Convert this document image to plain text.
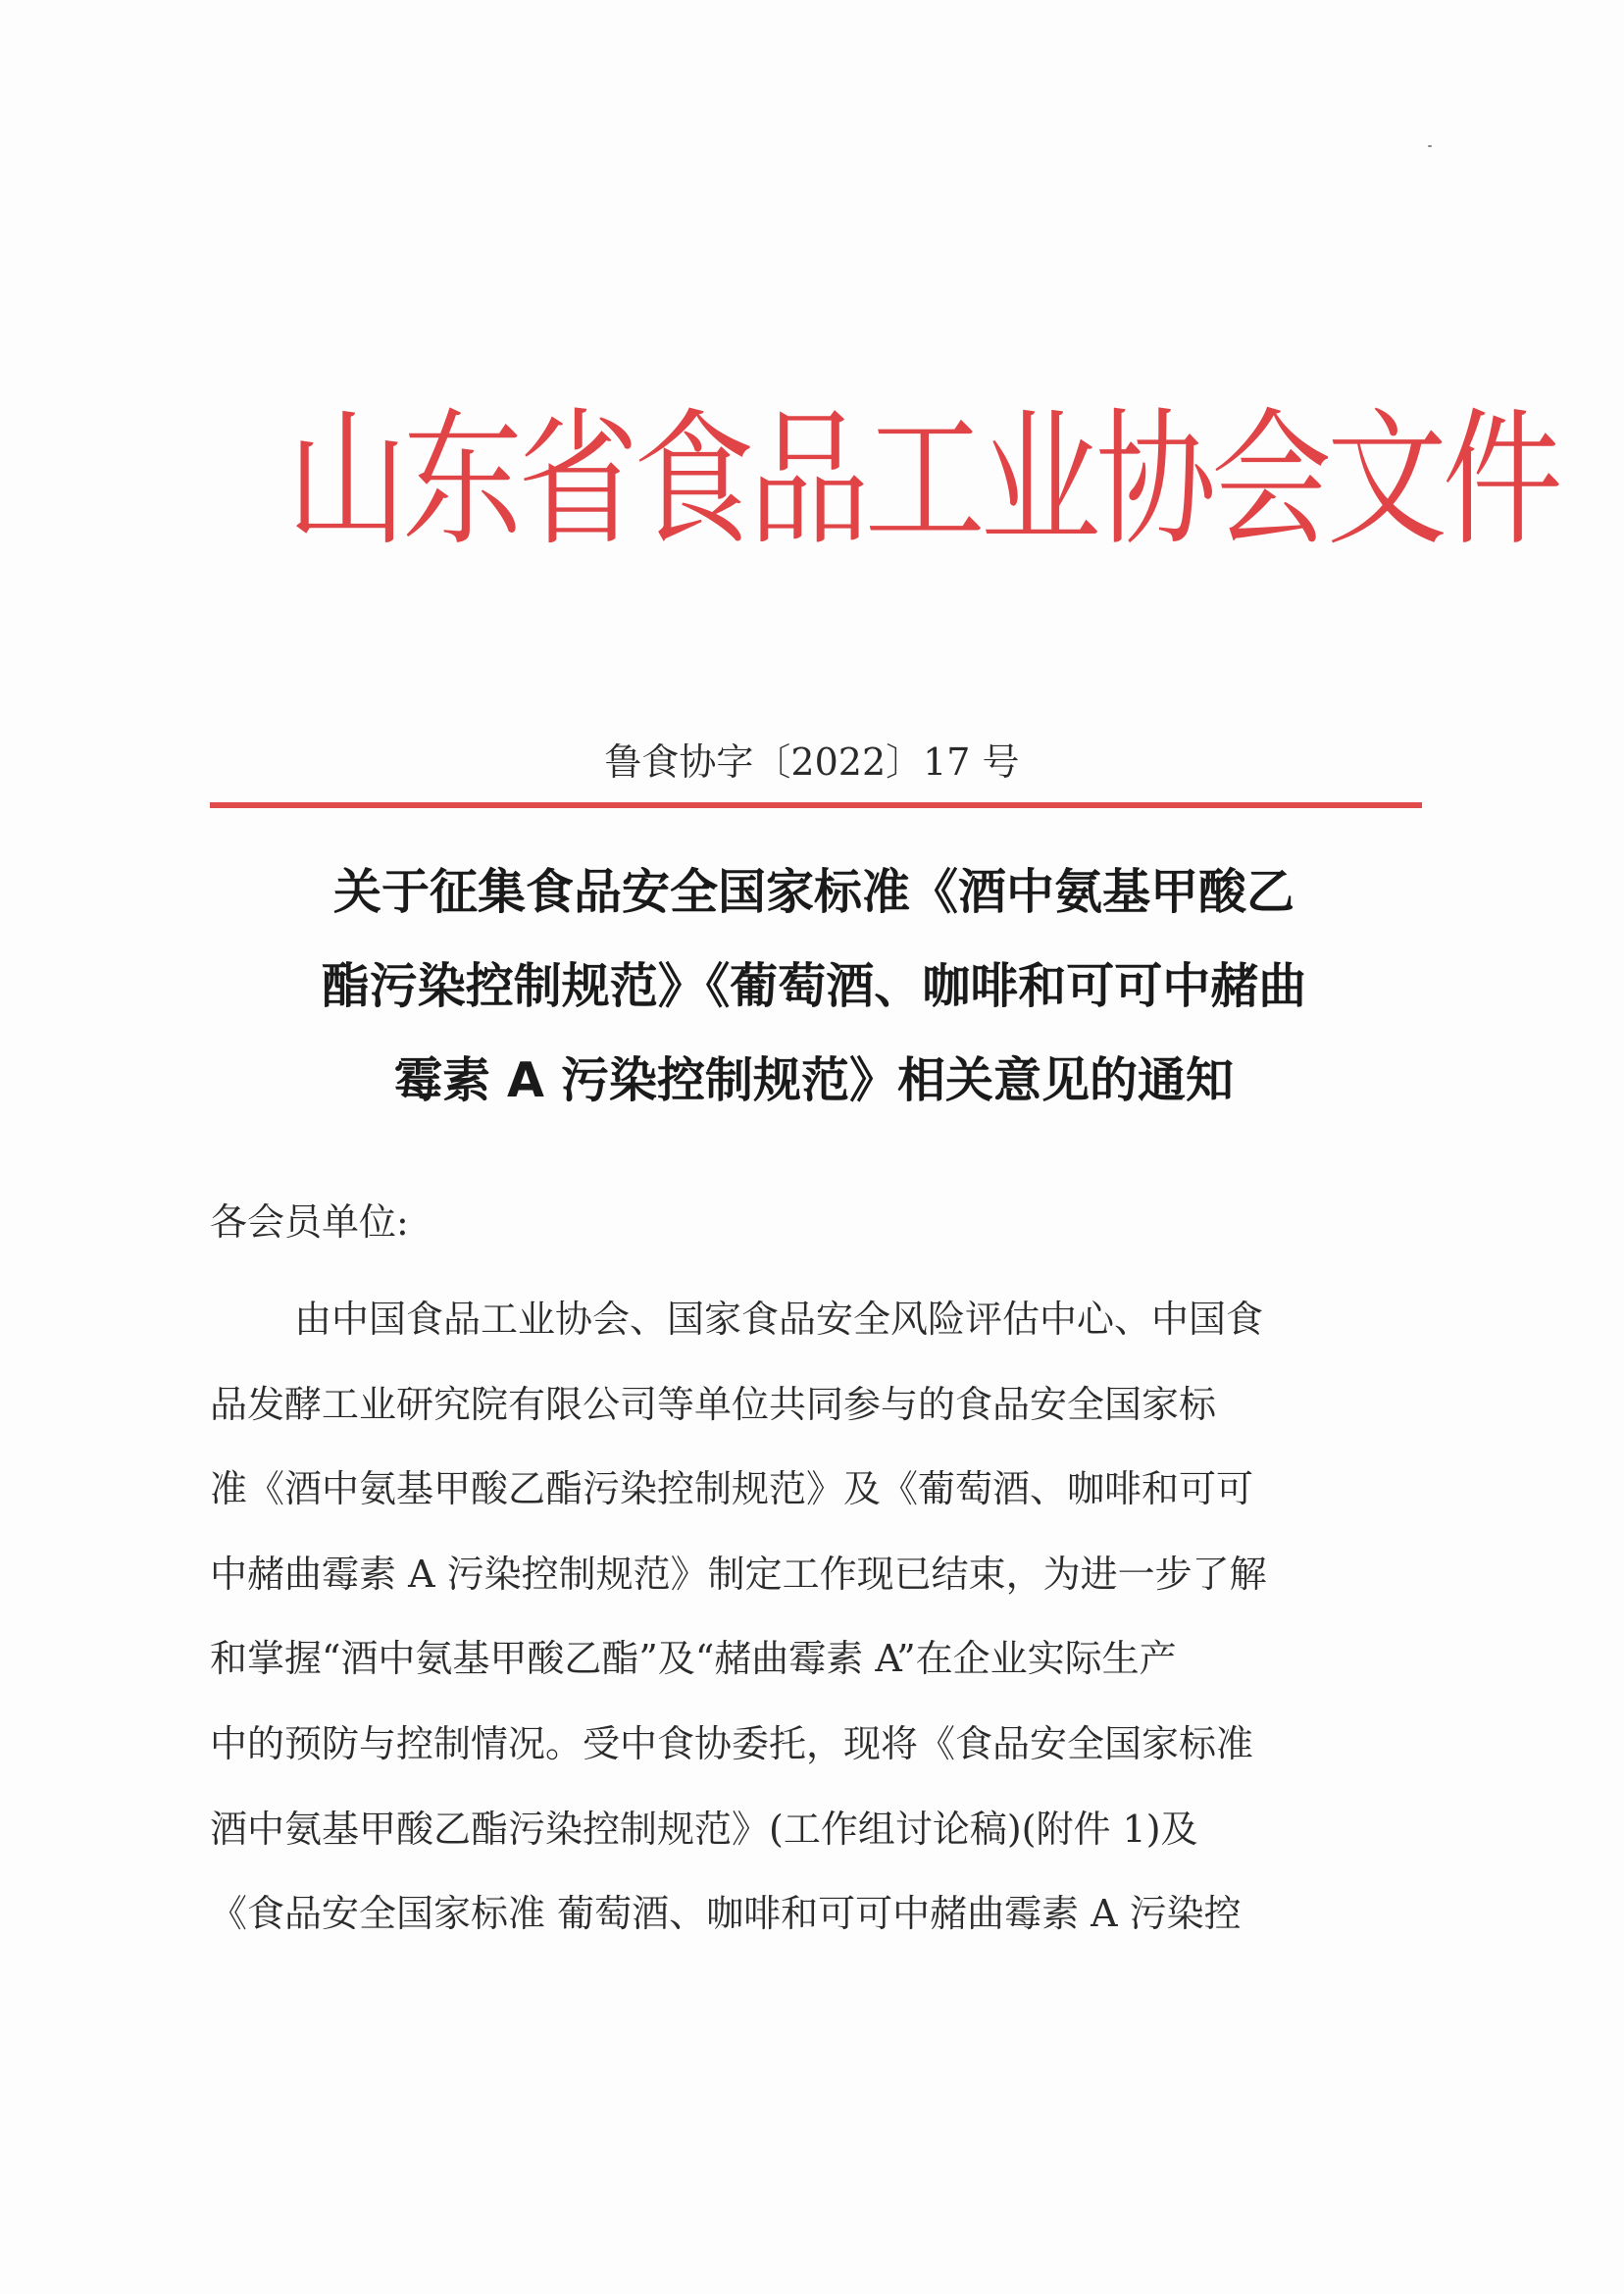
山东省食品工业协会文件
鲁食协字〔2022〕17 号
关于征集食品安全国家标准《酒中氨基甲酸乙
酯污染控制规范》《葡萄酒、咖啡和可可中赭曲
霉素 A 污染控制规范》相关意见的通知
各会员单位:
由中国食品工业协会、国家食品安全风险评估中心、中国食
品发酵工业研究院有限公司等单位共同参与的食品安全国家标
准《酒中氨基甲酸乙酯污染控制规范》及《葡萄酒、咖啡和可可
中赭曲霉素 A 污染控制规范》制定工作现已结束，为进一步了解
和掌握“酒中氨基甲酸乙酯”及“赭曲霉素 A”在企业实际生产
中的预防与控制情况。受中食协委托，现将《食品安全国家标准
酒中氨基甲酸乙酯污染控制规范》(工作组讨论稿)(附件 1)及
《食品安全国家标准 葡萄酒、咖啡和可可中赭曲霉素 A 污染控
